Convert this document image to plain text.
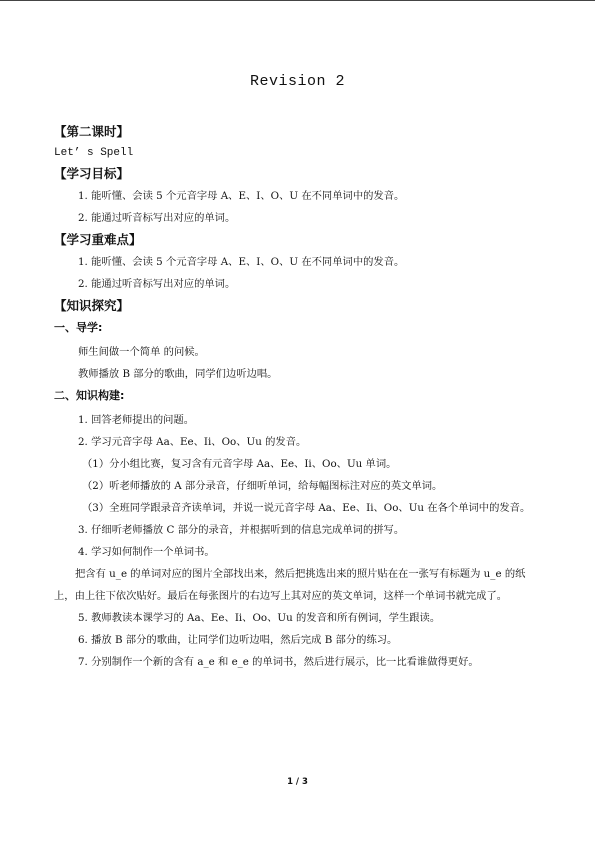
Revision 2

【第二课时】

Let’ s Spell

【学习目标】

1. 能听懂、会读 5 个元音字母 A、E、I、O、U 在不同单词中的发音。

2. 能通过听音标写出对应的单词。

【学习重难点】

1. 能听懂、会读 5 个元音字母 A、E、I、O、U 在不同单词中的发音。

2. 能通过听音标写出对应的单词。

【知识探究】

一、导学:

师生间做一个简单 的问候。

教师播放 B 部分的歌曲，同学们边听边唱。

二、知识构建:

1. 回答老师提出的问题。

2. 学习元音字母 Aa、Ee、Ii、Oo、Uu 的发音。

（1）分小组比赛，复习含有元音字母 Aa、Ee、Ii、Oo、Uu 单词。

（2）听老师播放的 A 部分录音，仔细听单词，给每幅图标注对应的英文单词。

（3）全班同学跟录音齐读单词，并说一说元音字母 Aa、Ee、Ii、Oo、Uu 在各个单词中的发音。

3. 仔细听老师播放 C 部分的录音，并根据听到的信息完成单词的拼写。

4. 学习如何制作一个单词书。

把含有 u_e 的单词对应的图片全部找出来，然后把挑选出来的照片贴在在一张写有标题为 u_e 的纸上，由上往下依次贴好。最后在每张图片的右边写上其对应的英文单词，这样一个单词书就完成了。

5. 教师教读本课学习的 Aa、Ee、Ii、Oo、Uu 的发音和所有例词，学生跟读。

6. 播放 B 部分的歌曲，让同学们边听边唱，然后完成 B 部分的练习。

7. 分别制作一个新的含有 a_e 和 e_e 的单词书，然后进行展示，比一比看谁做得更好。

1 / 3
